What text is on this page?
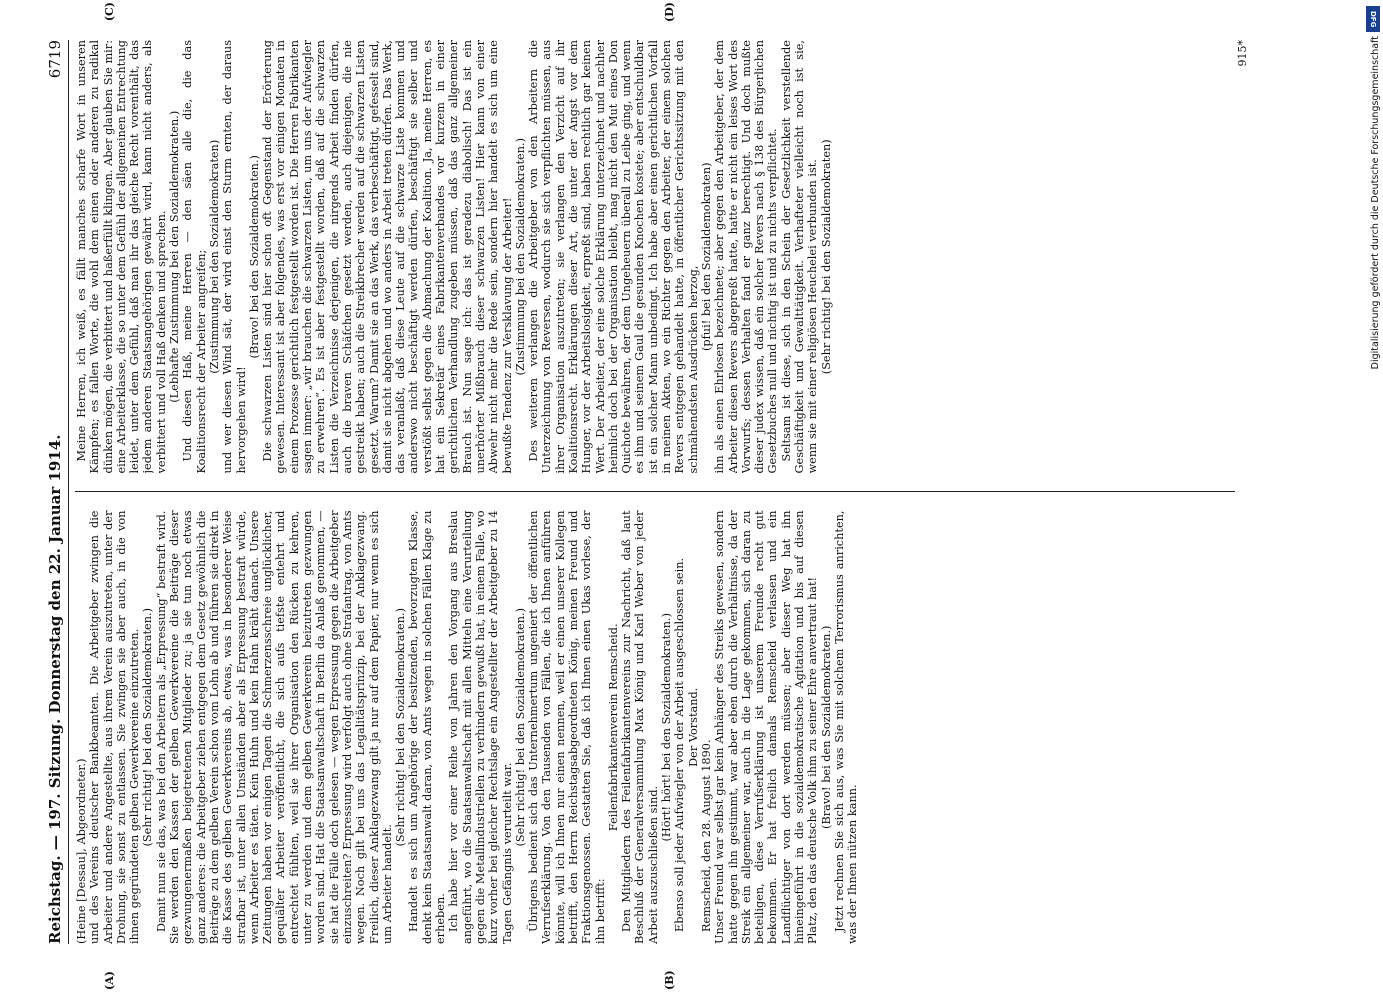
DFG
Digitalisierung gefördert durch die Deutsche Forschungsgemeinschaft
Reichstag. — 197. Sitzung. Donnerstag den 22. Januar 1914.
6719
(A)	(B)
(C)	(D)

(Heine [Dessau], Abgeordneter.) und des Vereins deutscher Bankbeamten. Die Arbeitgeber zwingen die Arbeiter und andere Angestellte, aus ihrem Verein auszutreten, unter der Drohung, sie sonst zu entlassen. Sie zwingen sie aber auch, in die von ihnen gegründeten gelben Gewerkvereine einzutreten. (Sehr richtig! bei den Sozialdemokraten.) Damit nun sie das, was bei den Arbeitern als „Erpressung“ bestraft wird. Sie werden den Kassen der gelben Gewerkvereine die Beiträge dieser gezwungenermaßen beigetretenen Mitglieder zu; ja sie tun noch etwas ganz anderes: die Arbeitgeber ziehen entgegen dem Gesetz gewöhnlich die Beiträge zu dem gelben Verein schon vom Lohn ab und führen sie direkt in die Kasse des gelben Gewerkvereins ab, etwas, was in besonderer Weise strafbar ist, unter allen Umständen aber als Erpressung bestraft würde, wenn Arbeiter es täten. Kein Huhn und kein Hahn kräht danach. Unsere Zeitungen haben vor einigen Tagen die Schmerzensschreie unglücklicher, gequälter Arbeiter veröffentlicht, die sich aufs tiefste entehrt und entrechtet fühlten, weil sie ihrer Organisation den Rücken zu kehren, unter zu werden und dem gelben Gewerkverein beizutreten gezwungen worden sind. Hat die Staatsanwaltschaft in Berlin da Anlaß genommen, — sie hat die Fälle doch gelesen — wegen Erpressung gegen die Arbeitgeber einzuschreiten? Erpressung wird verfolgt auch ohne Strafantrag, von Amts wegen. Noch gilt bei uns das Legalitätsprinzip, bei der Anklagezwang. Freilich, dieser Anklagezwang gilt ja nur auf dem Papier, nur wenn es sich um Arbeiter handelt.

(Sehr richtig! bei den Sozialdemokraten.) Handelt es sich um Angehörige der besitzenden, bevorzugten Klasse, denkt kein Staatsanwalt daran, von Amts wegen in solchen Fällen Klage zu erheben. Ich habe hier vor einer Reihe von Jahren den Vorgang aus Breslau angeführt, wo die Staatsanwaltschaft mit allen Mitteln eine Verurteilung gegen die Metallindustriellen zu verhindern gewußt hat, in einem Falle, wo kurz vorher bei gleicher Rechtslage ein Angestellter der Arbeitgeber zu 14 Tagen Gefängnis verurteilt war.

(Sehr richtig! bei den Sozialdemokraten.) Übrigens bedient sich das Unternehmertum ungeniert der öffentlichen Verrufserklärung. Von den Tausenden von Fällen, die ich Ihnen anführen könnte, will ich Ihnen nur einen nennen, weil er einen unserer Kollegen betrifft, den Herrn Reichstagsabgeordneten König, meinen Freund und Fraktionsgenossen. Gestatten Sie, daß ich Ihnen einen Ukas vorlese, der ihn betrifft:

Feilenfabrikantenverein Remscheid. Den Mitgliedern des Feilenfabrikantenvereins zur Nachricht, daß laut Beschluß der Generalversammlung Max König und Karl Weber von jeder Arbeit auszuschließen sind.

(Hört! hört! bei den Sozialdemokraten.) Ebenso soll jeder Aufwiegler von der Arbeit ausgeschlossen sein. Der Vorstand.

Remscheid, den 28. August 1890. Unser Freund war selbst gar kein Anhänger des Streiks gewesen, sondern hatte gegen ihn gestimmt, war aber eben durch die Verhältnisse, da der Streik ein allgemeiner war, auch in die Lage gekommen, sich daran zu beteiligen, diese Verrufserklärung ist unserem Freunde recht gut bekommen. Er hat freilich damals Remscheid verlassen und ein Landflüchtiger von dort werden müssen; aber dieser Weg hat ihn hineingeführt in die sozialdemokratische Agitation und bis auf diesen Platz, den das deutsche Volk ihm zu seiner Ehre anvertraut hat! (Bravo! bei den Sozialdemokraten.) Jetzt rechnen Sie sich aus, was Sie mit solchem Terrorismus anrichten, was der Ihnen nützen kann.

Meine Herren, ich weiß, es fällt manches scharfe Wort in unseren Kämpfen; es fallen Worte, die wohl dem einen oder anderen zu radikal dünken mögen, die verbittert und haßerfüllt klingen. Aber glauben Sie mir: eine Arbeiterklasse, die so unter dem Gefühl der allgemeinen Entrechtung leidet, unter dem Gefühl, daß man ihr das gleiche Recht vorenthält, das jedem anderen Staatsangehörigen gewährt wird, kann nicht anders, als verbittert und voll Haß denken und sprechen. (Lebhafte Zustimmung bei den Sozialdemokraten.) Und diesen Haß, meine Herren — den säen alle die, die das Koalitionsrecht der Arbeiter angreifen; (Zustimmung bei den Sozialdemokraten) und wer diesen Wind sät, der wird einst den Sturm ernten, der daraus hervorgehen wird!

(Bravo! bei den Sozialdemokraten.) Die schwarzen Listen sind hier schon oft Gegenstand der Erörterung gewesen. Interessant ist aber folgendes, was erst vor einigen Monaten in einem Prozesse gerichtlich festgestellt worden ist. Die Herren Fabrikanten sagen immer: „wir brauchen die schwarzen Listen, um uns der Aufwiegler zu erwehren“. Es ist aber festgestellt worden, daß auf die schwarzen Listen die Verzeichnisse derjenigen, die nirgends Arbeit finden dürfen, auch die braven Schäfchen gesetzt werden, auch diejenigen, die nie gestreikt haben; auch die Streikbrecher werden auf die schwarzen Listen gesetzt. Warum? Damit sie an das Werk, das verbeschäftigt, gefesselt sind, damit sie nicht abgehen und wo anders in Arbeit treten dürfen. Das Werk, das veranlaßt, daß diese Leute auf die schwarze Liste kommen und anderswo nicht beschäftigt werden dürfen, beschäftigt sie selber und verstößt selbst gegen die Abmachung der Koalition. Ja, meine Herren, es hat ein Sekretär eines Fabrikantenverbandes vor kurzem in einer gerichtlichen Verhandlung zugeben müssen, daß das ganz allgemeiner Brauch ist. Nun sage ich: das ist geradezu diabolisch! Das ist ein unerhörter Mißbrauch dieser schwarzen Listen! Hier kann von einer Abwehr nicht mehr die Rede sein, sondern hier handelt es sich um eine bewußte Tendenz zur Versklavung der Arbeiter! (Zustimmung bei den Sozialdemokraten.) Des weiteren verlangen die Arbeitgeber von den Arbeitern die Unterzeichnung von Reversen, wodurch sie sich verpflichten müssen, aus ihrer Organisation auszutreten; sie verlangen den Verzicht auf ihr Koalitionsrecht. Erklärungen dieser Art, die unter der Angst vor dem Hunger, vor der Arbeitslosigkeit, erpreßt sind, haben rechtlich gar keinen Wert. Der Arbeiter, der eine solche Erklärung unterzeichnet und nachher heimlich doch bei der Organisation bleibt, mag nicht den Mut eines Don Quichote bewähren, der dem Ungeheuern überall zu Leibe ging, und wenn es ihm und seinem Gaul die gesunden Knochen kostete; aber entschuldbar ist ein solcher Mann unbedingt. Ich habe aber einen gerichtlichen Vorfall in meinen Akten, wo ein Richter gegen den Arbeiter, der einem solchen Revers entgegen gehandelt hatte, in öffentlicher Gerichtssitzung mit den schmähendsten Ausdrücken herzog,

(pfui! bei den Sozialdemokraten) ihn als einen Ehrlosen bezeichnete; aber gegen den Arbeitgeber, der dem Arbeiter diesen Revers abgepreßt hatte, hatte er nicht ein leises Wort des Vorwurfs; dessen Verhalten fand er ganz berechtigt. Und doch mußte dieser judex wissen, daß ein solcher Revers nach § 138 des Bürgerlichen Gesetzbuches null und nichtig ist und zu nichts verpflichtet. Seltsam ist diese, sich in den Schein der Gesetzlichkeit verstellende Geschäftigkeit und Gewalttätigkeit. Verhafteter vielleicht noch ist sie, wenn sie mit einer religiösen Heuchelei verbunden ist. (Sehr richtig! bei den Sozialdemokraten)

915*
